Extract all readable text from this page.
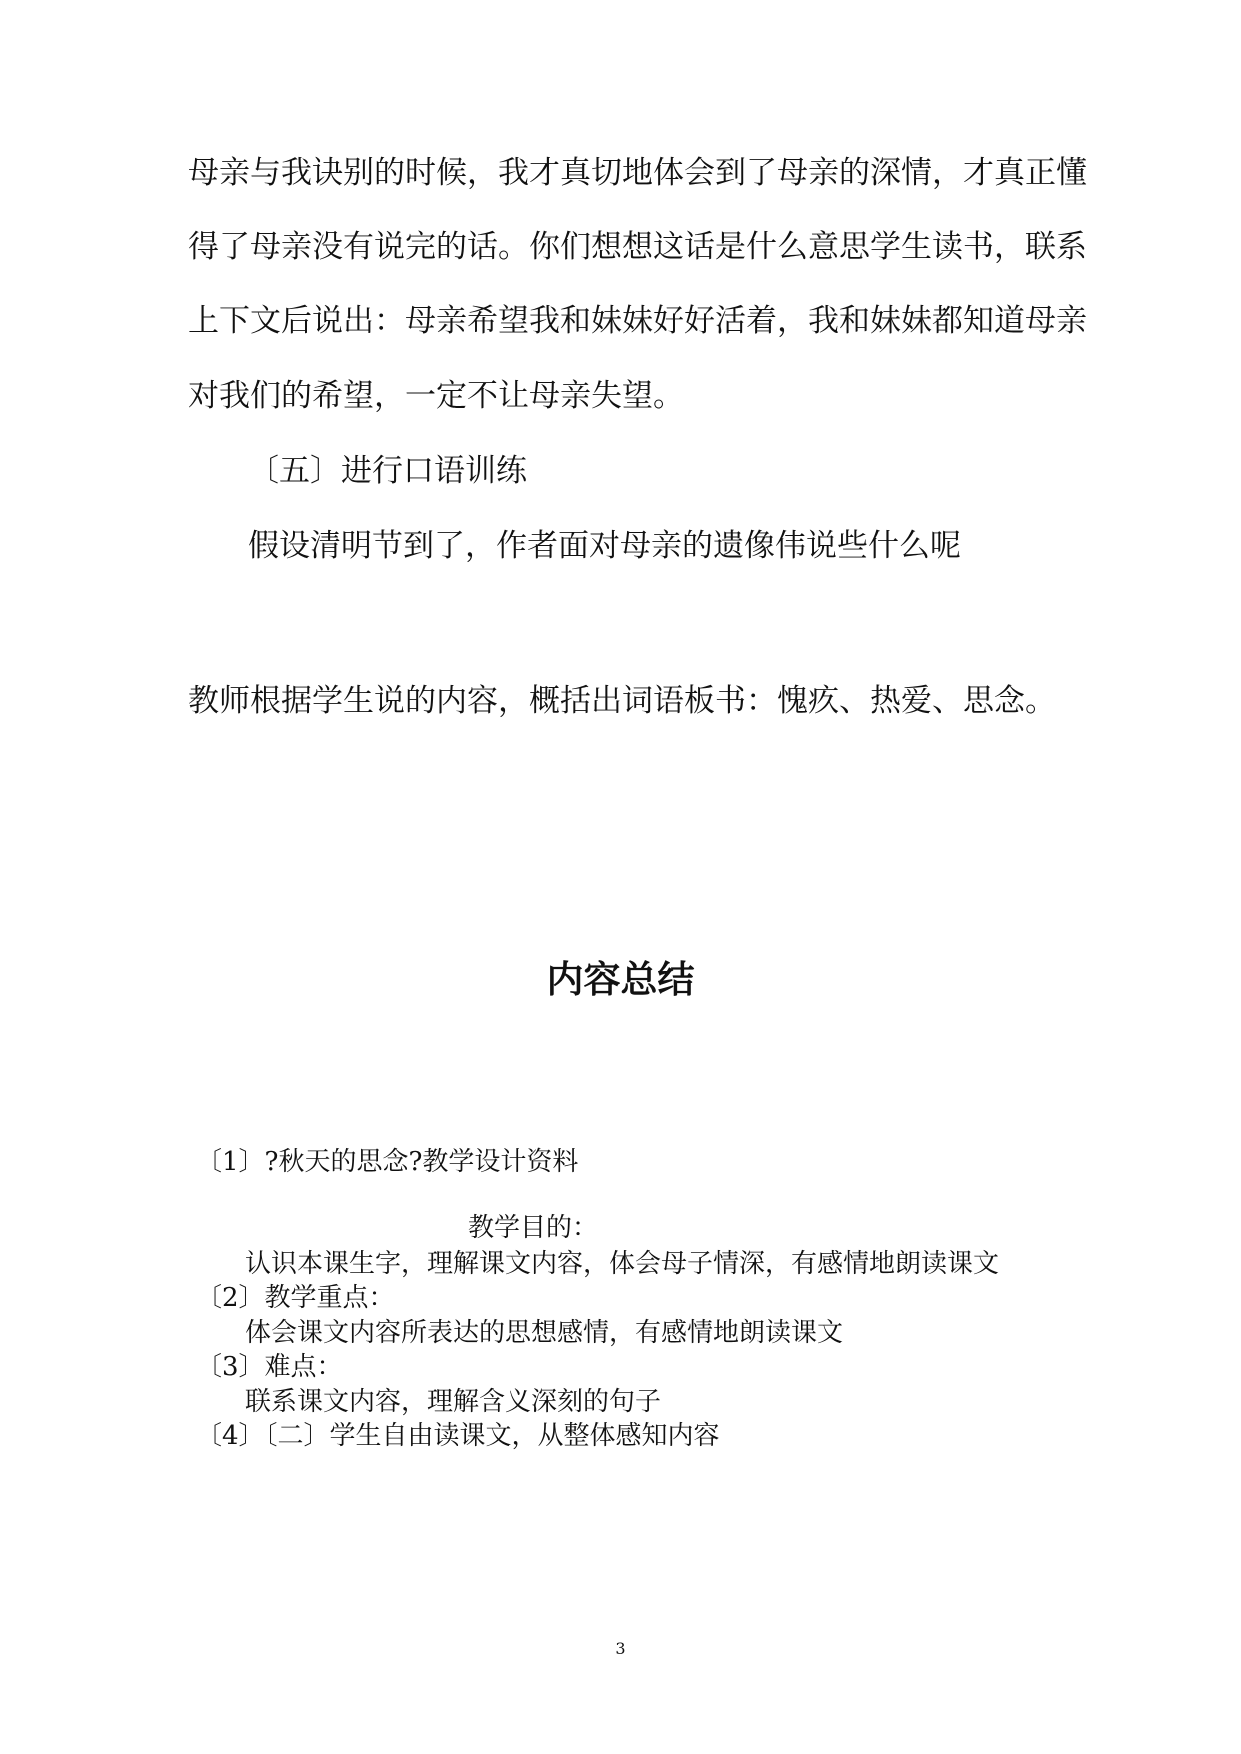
母亲与我诀别的时候，我才真切地体会到了母亲的深情，才真正懂
得了母亲没有说完的话。你们想想这话是什么意思学生读书，联系
上下文后说出：母亲希望我和妹妹好好活着，我和妹妹都知道母亲
对我们的希望，一定不让母亲失望。
〔五〕进行口语训练
假设清明节到了，作者面对母亲的遗像伟说些什么呢
教师根据学生说的内容，概括出词语板书：愧疚、热爱、思念。
内容总结
〔1〕?秋天的思念?教学设计资料
教学目的：
认识本课生字，理解课文内容，体会母子情深，有感情地朗读课文
〔2〕教学重点：
体会课文内容所表达的思想感情，有感情地朗读课文
〔3〕难点：
联系课文内容，理解含义深刻的句子
〔4〕〔二〕学生自由读课文，从整体感知内容
3
